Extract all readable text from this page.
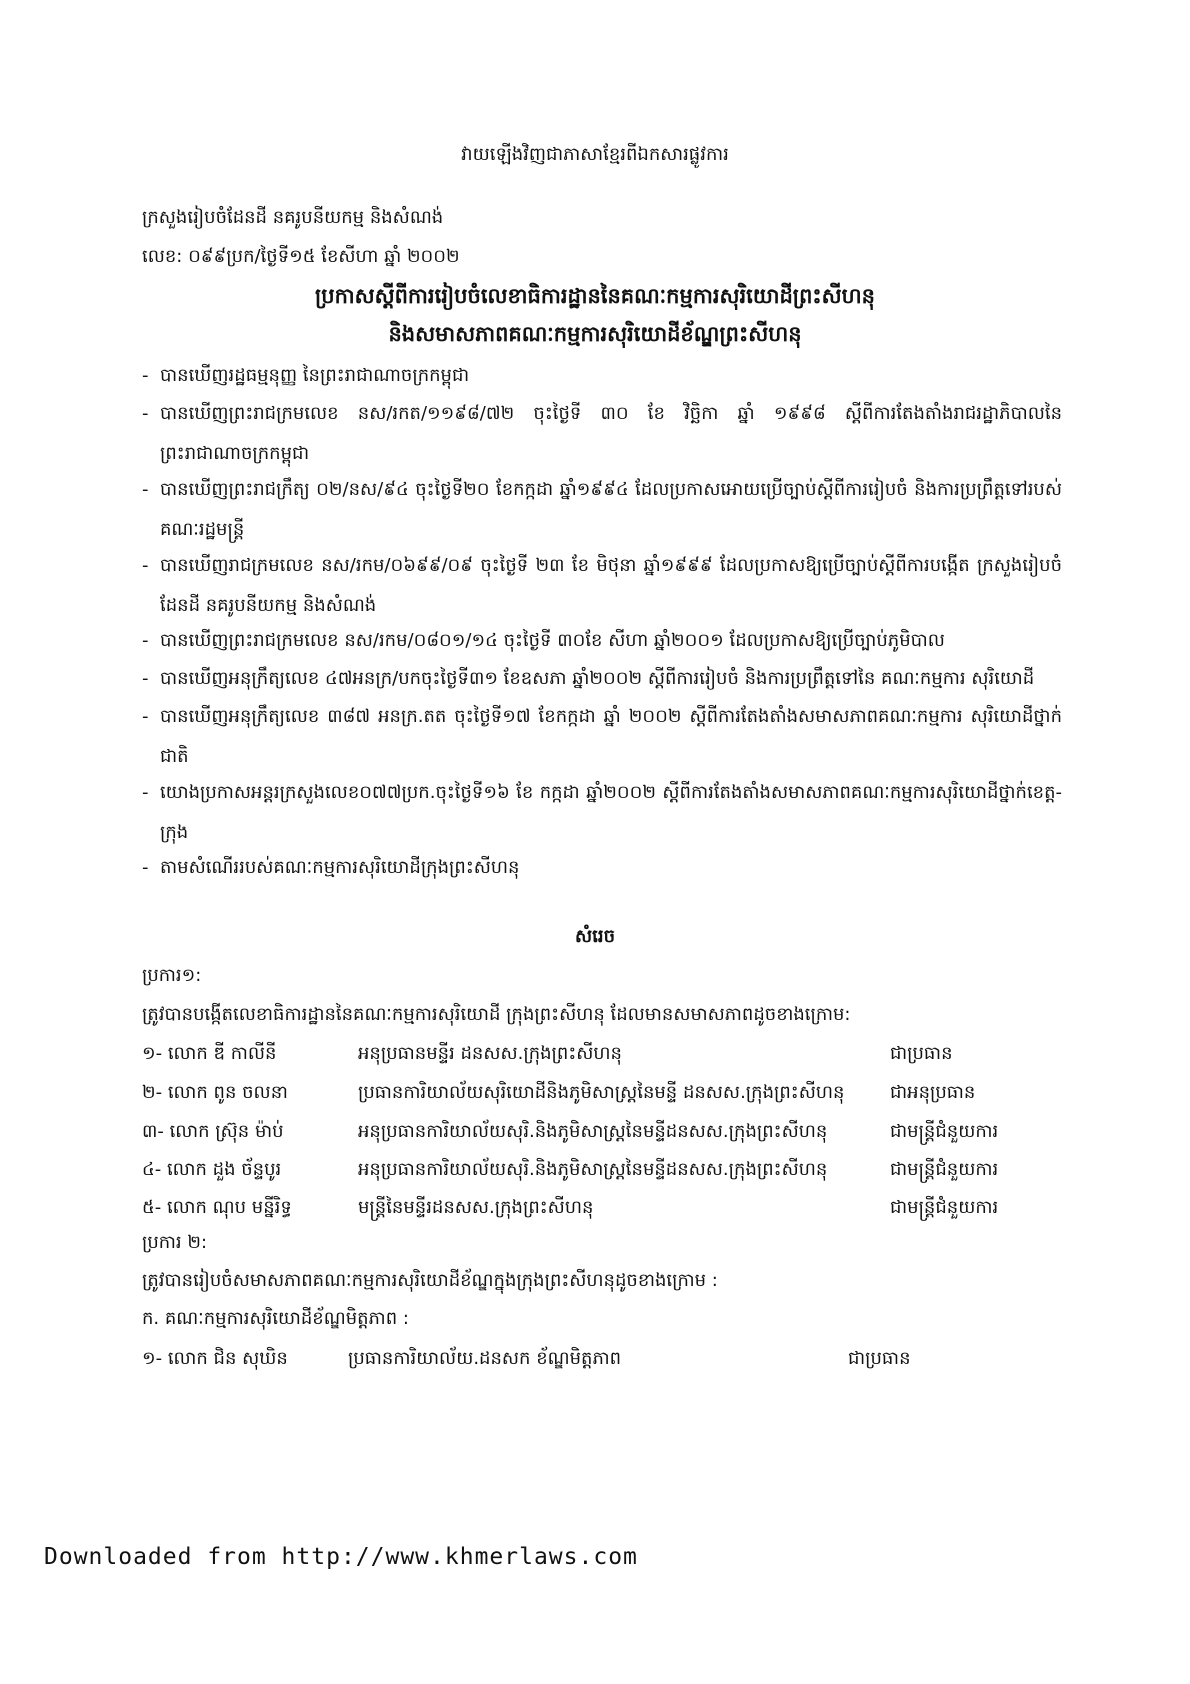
វាយឡើងវិញជាភាសាខ្មែរពីឯកសារផ្លូវការ
ក្រសួងរៀបចំដែនដី នគរូបនីយកម្ម និងសំណង់
លេខ: ០៩៩ប្រក/ថ្ងៃទី១៥ ខែសីហា ឆ្នាំ ២០០២
ប្រកាសស្តីពីការរៀបចំលេខាធិការដ្ឋាននៃគណៈកម្មការសុរិយោដីព្រះសីហនុ
និងសមាសភាពគណៈកម្មការសុរិយោដីខ័ណ្ឌព្រះសីហនុ
- បានឃើញរដ្ឋធម្មនុញ្ញ នៃព្រះរាជាណាចក្រកម្ពុជា
- បានឃើញព្រះរាជក្រមលេខ នស/រកត/១១៩៨/៧២ ចុះថ្ងៃទី ៣០ ខែ វិច្ឆិកា ឆ្នាំ ១៩៩៨ ស្តីពីការតែងតាំងរាជរដ្ឋាភិបាលនៃព្រះរាជាណាចក្រកម្ពុជា
- បានឃើញព្រះរាជក្រឹត្យ ០២/នស/៩៤ ចុះថ្ងៃទី២០ ខែកក្កដា ឆ្នាំ១៩៩៤ ដែលប្រកាសអោយប្រើច្បាប់ស្តីពីការរៀបចំ និងការប្រព្រឹត្តទៅរបស់គណៈរដ្ឋមន្ត្រី
- បានឃើញរាជក្រមលេខ នស/រកម/០៦៩៩/០៩ ចុះថ្ងៃទី ២៣ ខែ មិថុនា ឆ្នាំ១៩៩៩ ដែលប្រកាសឱ្យប្រើច្បាប់ស្តីពីការបង្កើត ក្រសួងរៀបចំដែនដី នគរូបនីយកម្ម និងសំណង់
- បានឃើញព្រះរាជក្រមលេខ នស/រកម/០៨០១/១៤ ចុះថ្ងៃទី ៣០ខែ សីហា ឆ្នាំ២០០១ ដែលប្រកាសឱ្យប្រើច្បាប់ភូមិបាល
- បានឃើញអនុក្រឹត្យលេខ ៤៧អនក្រ/បកចុះថ្ងៃទី៣១ ខែឧសភា ឆ្នាំ២០០២ ស្តីពីការរៀបចំ និងការប្រព្រឹត្តទៅនៃ គណៈកម្មការ សុរិយោដី
- បានឃើញអនុក្រឹត្យលេខ ៣៨៧ អនក្រ.តត ចុះថ្ងៃទី១៧ ខែកក្កដា ឆ្នាំ ២០០២ ស្តីពីការតែងតាំងសមាសភាពគណៈកម្មការ សុរិយោដីថ្នាក់ជាតិ
- យោងប្រកាសអន្តរក្រសួងលេខ០៧៧ប្រក.ចុះថ្ងៃទី១៦ ខែ កក្កដា ឆ្នាំ២០០២ ស្តីពីការតែងតាំងសមាសភាពគណៈកម្មការសុរិយោដីថ្នាក់ខេត្ត- ក្រុង
- តាមសំណើររបស់គណៈកម្មការសុរិយោដីក្រុងព្រះសីហនុ
សំរេច
ប្រការ១:
ត្រូវបានបង្កើតលេខាធិការដ្ឋាននៃគណៈកម្មការសុរិយោដី ក្រុងព្រះសីហនុ ដែលមានសមាសភាពដូចខាងក្រោម:
១- លោក ឌី កាលីនី	អនុប្រធានមន្ទីរ ដនសស.ក្រុងព្រះសីហនុ	ជាប្រធាន
២- លោក ពូន ចលនា	ប្រធានការិយាល័យសុរិយោដីនិងភូមិសាស្ត្រនៃមន្ទី ដនសស.ក្រុងព្រះសីហនុ	ជាអនុប្រធាន
៣- លោក ស្រ៊ុន ម៉ាប់	អនុប្រធានការិយាល័យសុរិ.និងភូមិសាស្ត្រនៃមន្ទីដនសស.ក្រុងព្រះសីហនុ	ជាមន្ត្រីជំនួយការ
៤- លោក ដួង ច័ន្ទបូរ	អនុប្រធានការិយាល័យសុរិ.និងភូមិសាស្ត្រនៃមន្ទីដនសស.ក្រុងព្រះសីហនុ	ជាមន្ត្រីជំនួយការ
៥- លោក ណុប មន្នីរិទ្ធ	មន្ត្រីនៃមន្ទីរដនសស.ក្រុងព្រះសីហនុ	ជាមន្ត្រីជំនួយការ
ប្រការ ២:
ត្រូវបានរៀបចំសមាសភាពគណៈកម្មការសុរិយោដីខ័ណ្ឌក្នុងក្រុងព្រះសីហនុដូចខាងក្រោម :
ក. គណៈកម្មការសុរិយោដីខ័ណ្ឌមិត្តភាព :
១- លោក ជិន សុឃិន	ប្រធានការិយាល័យ.ដនសក ខ័ណ្ឌមិត្តភាព	ជាប្រធាន
Downloaded from http://www.khmerlaws.com
